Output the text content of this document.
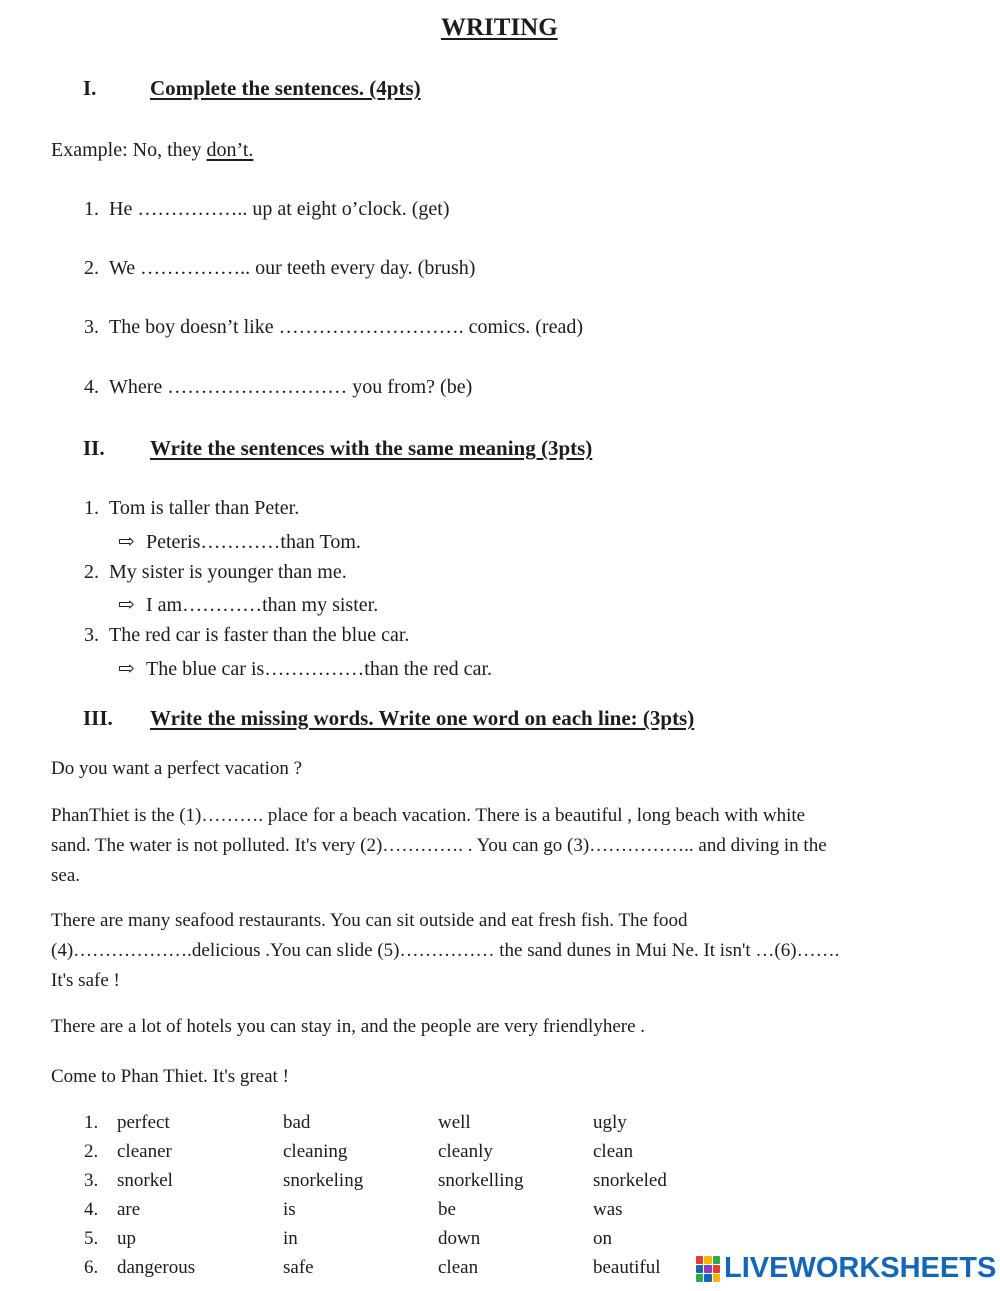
WRITING
I.	Complete the sentences. (4pts)
Example: No, they don’t.
1. He …………….. up at eight o’clock. (get)
2. We …………….. our teeth every day. (brush)
3. The boy doesn’t like ………………………. comics. (read)
4. Where ……………………… you from? (be)
II. Write the sentences with the same meaning (3pts)
1. Tom is taller than Peter.
⇨ Peteris…………than Tom.
2. My sister is younger than me.
⇨ I am…………than my sister.
3. The red car is faster than the blue car.
⇨ The blue car is……………than the red car.
III. Write the missing words. Write one word on each line: (3pts)
Do you want a perfect vacation ?
PhanThiet is the (1)………. place for a beach vacation. There is a beautiful , long beach with white
sand. The water is not polluted. It's very (2)…………. . You can go (3)…………….. and diving in the
sea.
There are many seafood restaurants. You can sit outside and eat fresh fish. The food
(4)……………….delicious .You can slide (5)…………… the sand dunes in Mui Ne. It isn't …(6)…….
It's safe !
There are a lot of hotels you can stay in, and the people are very friendlyhere .
Come to Phan Thiet. It's great !
1. perfect	bad	well	ugly
2. cleaner	cleaning	cleanly	clean
3. snorkel	snorkeling	snorkelling	snorkeled
4. are	is	be	was
5. up	in	down	on
6. dangerous	safe	clean	beautiful LIVEWORKSHEETS
